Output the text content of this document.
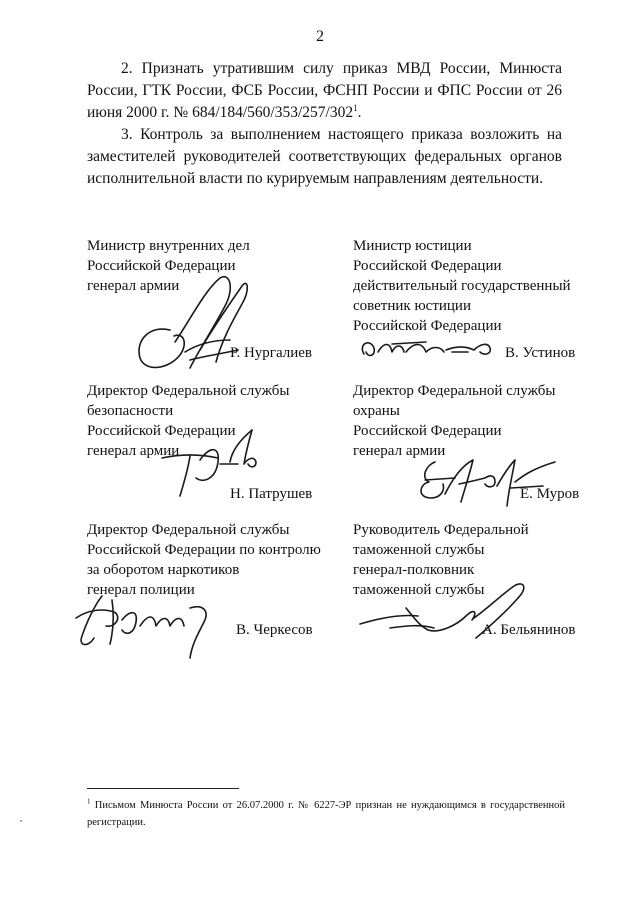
2

2. Признать утратившим силу приказ МВД России, Минюста России, ГТК России, ФСБ России, ФСНП России и ФПС России от 26 июня 2000 г. № $684/184/560/353/257/302^1$.

3. Контроль за выполнением настоящего приказа возложить на заместителей руководителей соответствующих федеральных органов исполнительной власти по курируемым направлениям деятельности.

Министр внутренних дел
Российской Федерации
генерал армии
Р. Нургалиев
Министр юстиции
Российской Федерации
действительный государственный
советник юстиции
Российской Федерации
В. Устинов
Директор Федеральной службы
безопасности
Российской Федерации
генерал армии
Н. Патрушев
Директор Федеральной службы
охраны
Российской Федерации
генерал армии
Е. Муров
Директор Федеральной службы
Российской Федерации по контролю
за оборотом наркотиков
генерал полиции
В. Черкесов
Руководитель Федеральной
таможенной службы
генерал-полковник
таможенной службы
А. Бельянинов
$^1$ Письмом Минюста России от 26.07.2000 г. № 6227-ЭР признан не нуждающимся в государственной регистрации.
